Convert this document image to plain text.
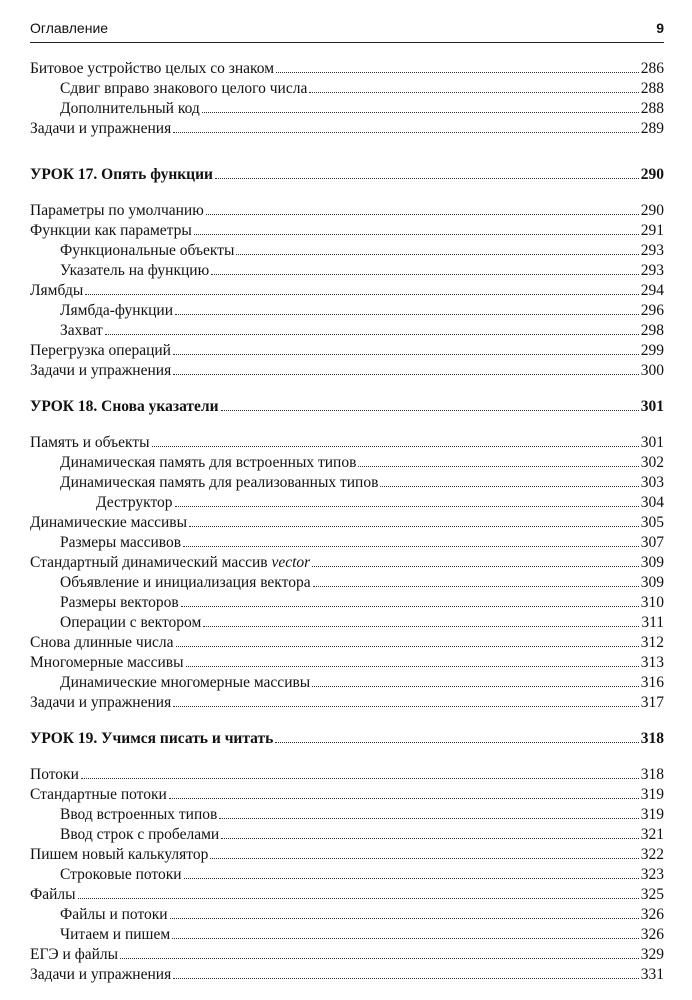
Оглавление	9
Битовое устройство целых со знаком	286
Сдвиг вправо знакового целого числа	288
Дополнительный код	288
Задачи и упражнения	289
УРОК 17. Опять функции	290
Параметры по умолчанию	290
Функции как параметры	291
Функциональные объекты	293
Указатель на функцию	293
Лямбды	294
Лямбда-функции	296
Захват	298
Перегрузка операций	299
Задачи и упражнения	300
УРОК 18. Снова указатели	301
Память и объекты	301
Динамическая память для встроенных типов	302
Динамическая память для реализованных типов	303
Деструктор	304
Динамические массивы	305
Размеры массивов	307
Стандартный динамический массив vector	309
Объявление и инициализация вектора	309
Размеры векторов	310
Операции с вектором	311
Снова длинные числа	312
Многомерные массивы	313
Динамические многомерные массивы	316
Задачи и упражнения	317
УРОК 19. Учимся писать и читать	318
Потоки	318
Стандартные потоки	319
Ввод встроенных типов	319
Ввод строк с пробелами	321
Пишем новый калькулятор	322
Строковые потоки	323
Файлы	325
Файлы и потоки	326
Читаем и пишем	326
ЕГЭ и файлы	329
Задачи и упражнения	331
